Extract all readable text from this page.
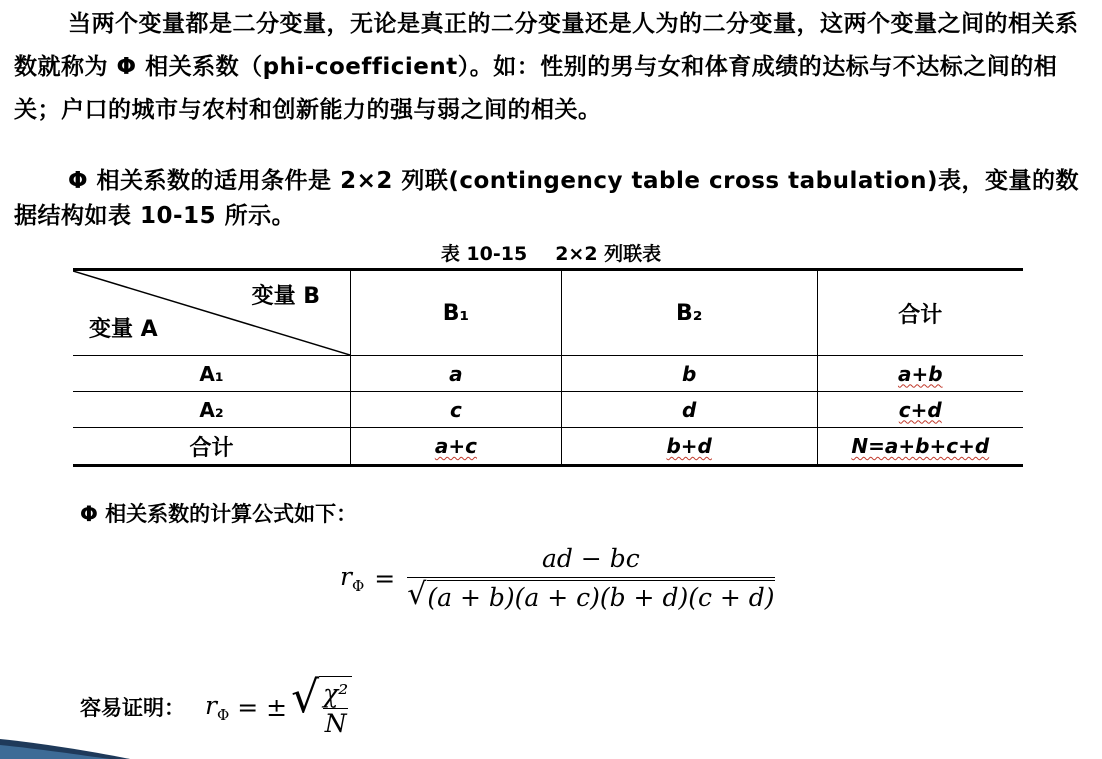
当两个变量都是二分变量，无论是真正的二分变量还是人为的二分变量，这两个变量之间的相关系数就称为 Φ 相关系数（phi-coefficient）。如：性别的男与女和体育成绩的达标与不达标之间的相关；户口的城市与农村和创新能力的强与弱之间的相关。

Φ 相关系数的适用条件是 2×2 列联(contingency table cross tabulation)表，变量的数据结构如表 10-15 所示。

表 10-15 2×2 列联表
变量 B
变量 A	B₁	B₂	合计
A₁	a	b	a+b
A₂	c	d	c+d
合计	a+c	b+d	N=a+b+c+d
Φ 相关系数的计算公式如下：
$r_\Phi = \frac{ad - bc}{√ (a + b)(a + c)(b + d)(c + d)}$
容易证明： $r_\Phi$ = ± √ $\frac{\text{χ²}}{N}$
